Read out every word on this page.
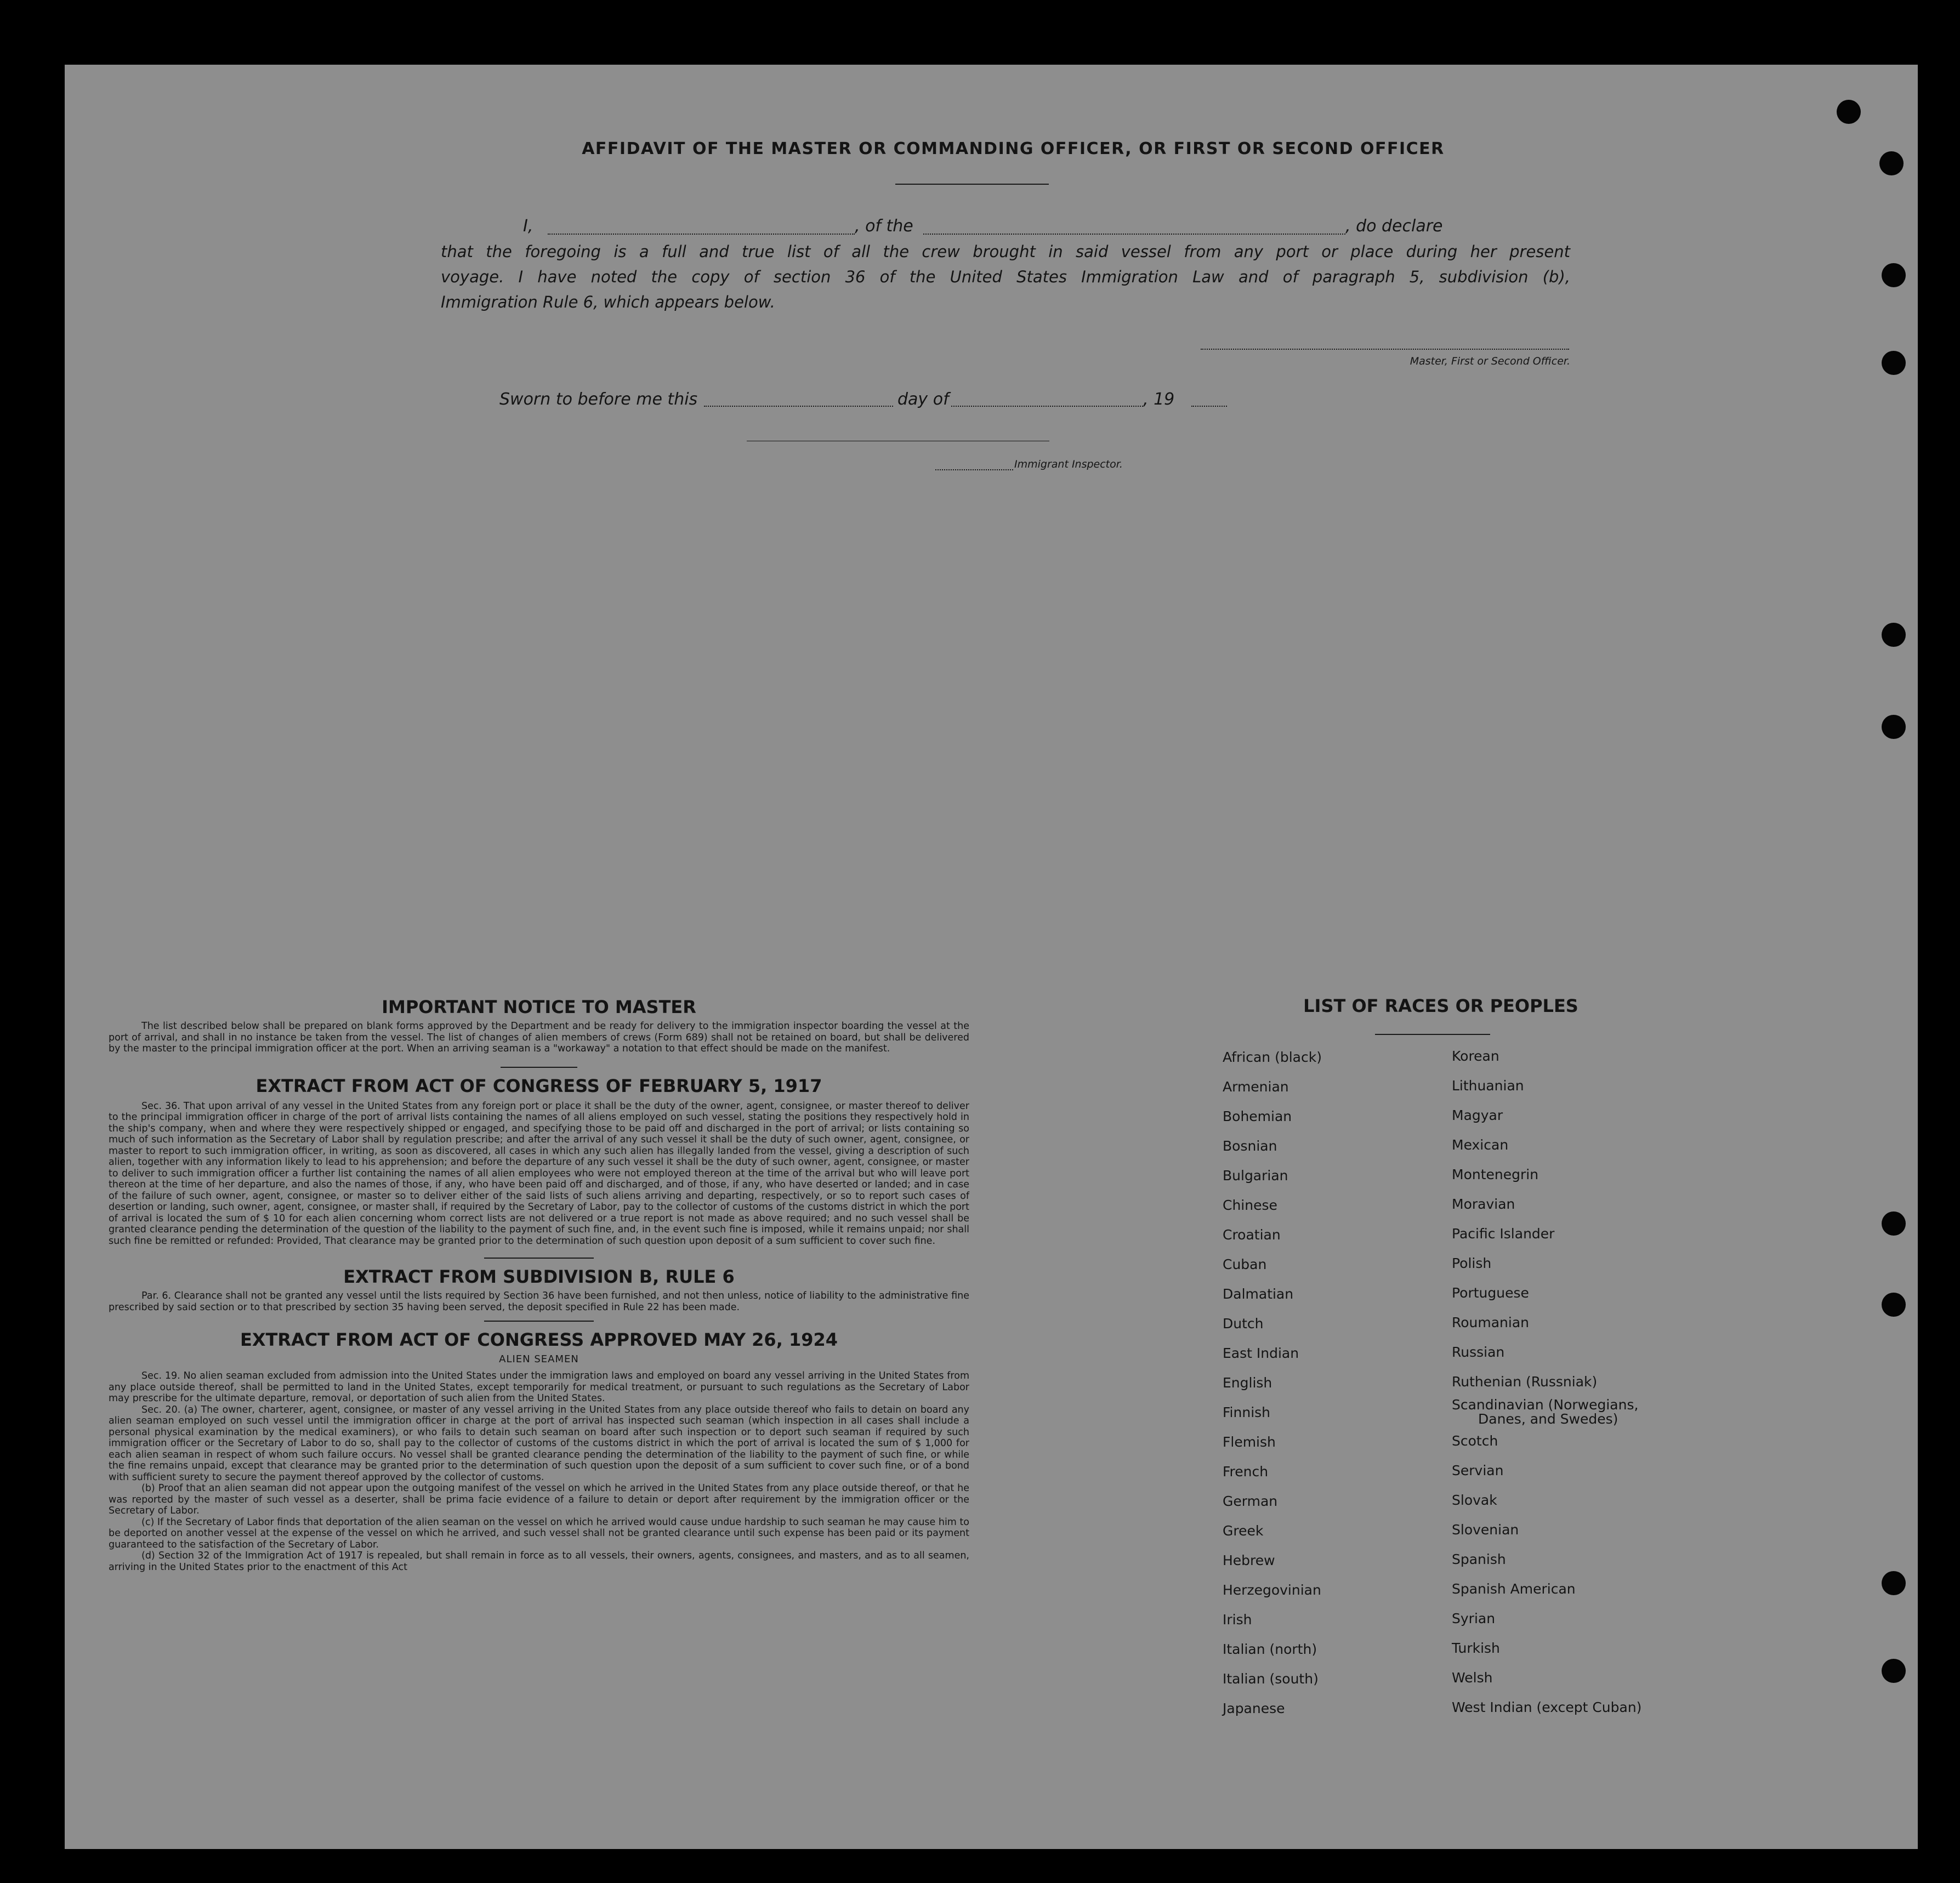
AFFIDAVIT OF THE MASTER OR COMMANDING OFFICER, OR FIRST OR SECOND OFFICER
I,	, of the	, do declare
that the foregoing is a full and true list of all the crew brought in said vessel from any port or place during her present
voyage. I have noted the copy of section 36 of the United States Immigration Law and of paragraph 5, subdivision (b),
Immigration Rule 6, which appears below.
Master, First or Second Officer.
Sworn to before me this	day of	, 19
Immigrant Inspector.
IMPORTANT NOTICE TO MASTER

The list described below shall be prepared on blank forms approved by the Department and be ready for delivery to the immigration inspector boarding the vessel at the port of arrival, and shall in no instance be taken from the vessel. The list of changes of alien members of crews (Form 689) shall not be retained on board, but shall be delivered by the master to the principal immigration officer at the port. When an arriving seaman is a "workaway" a notation to that effect should be made on the manifest.

EXTRACT FROM ACT OF CONGRESS OF FEBRUARY 5, 1917

Sec. 36. That upon arrival of any vessel in the United States from any foreign port or place it shall be the duty of the owner, agent, consignee, or master thereof to deliver to the principal immigration officer in charge of the port of arrival lists containing the names of all aliens employed on such vessel, stating the positions they respectively hold in the ship's company, when and where they were respectively shipped or engaged, and specifying those to be paid off and discharged in the port of arrival; or lists containing so much of such information as the Secretary of Labor shall by regulation prescribe; and after the arrival of any such vessel it shall be the duty of such owner, agent, consignee, or master to report to such immigration officer, in writing, as soon as discovered, all cases in which any such alien has illegally landed from the vessel, giving a description of such alien, together with any information likely to lead to his apprehension; and before the departure of any such vessel it shall be the duty of such owner, agent, consignee, or master to deliver to such immigration officer a further list containing the names of all alien employees who were not employed thereon at the time of the arrival but who will leave port thereon at the time of her departure, and also the names of those, if any, who have been paid off and discharged, and of those, if any, who have deserted or landed; and in case of the failure of such owner, agent, consignee, or master so to deliver either of the said lists of such aliens arriving and departing, respectively, or so to report such cases of desertion or landing, such owner, agent, consignee, or master shall, if required by the Secretary of Labor, pay to the collector of customs of the customs district in which the port of arrival is located the sum of $ 10 for each alien concerning whom correct lists are not delivered or a true report is not made as above required; and no such vessel shall be granted clearance pending the determination of the question of the liability to the payment of such fine, and, in the event such fine is imposed, while it remains unpaid; nor shall such fine be remitted or refunded: Provided, That clearance may be granted prior to the determination of such question upon deposit of a sum sufficient to cover such fine.

EXTRACT FROM SUBDIVISION B, RULE 6

Par. 6. Clearance shall not be granted any vessel until the lists required by Section 36 have been furnished, and not then unless, notice of liability to the administrative fine prescribed by said section or to that prescribed by section 35 having been served, the deposit specified in Rule 22 has been made.

EXTRACT FROM ACT OF CONGRESS APPROVED MAY 26, 1924
ALIEN SEAMEN

Sec. 19. No alien seaman excluded from admission into the United States under the immigration laws and employed on board any vessel arriving in the United States from any place outside thereof, shall be permitted to land in the United States, except temporarily for medical treatment, or pursuant to such regulations as the Secretary of Labor may prescribe for the ultimate departure, removal, or deportation of such alien from the United States.

Sec. 20. (a) The owner, charterer, agent, consignee, or master of any vessel arriving in the United States from any place outside thereof who fails to detain on board any alien seaman employed on such vessel until the immigration officer in charge at the port of arrival has inspected such seaman (which inspection in all cases shall include a personal physical examination by the medical examiners), or who fails to detain such seaman on board after such inspection or to deport such seaman if required by such immigration officer or the Secretary of Labor to do so, shall pay to the collector of customs of the customs district in which the port of arrival is located the sum of $ 1,000 for each alien seaman in respect of whom such failure occurs. No vessel shall be granted clearance pending the determination of the liability to the payment of such fine, or while the fine remains unpaid, except that clearance may be granted prior to the determination of such question upon the deposit of a sum sufficient to cover such fine, or of a bond with sufficient surety to secure the payment thereof approved by the collector of customs.

(b) Proof that an alien seaman did not appear upon the outgoing manifest of the vessel on which he arrived in the United States from any place outside thereof, or that he was reported by the master of such vessel as a deserter, shall be prima facie evidence of a failure to detain or deport after requirement by the immigration officer or the Secretary of Labor.

(c) If the Secretary of Labor finds that deportation of the alien seaman on the vessel on which he arrived would cause undue hardship to such seaman he may cause him to be deported on another vessel at the expense of the vessel on which he arrived, and such vessel shall not be granted clearance until such expense has been paid or its payment guaranteed to the satisfaction of the Secretary of Labor.

(d) Section 32 of the Immigration Act of 1917 is repealed, but shall remain in force as to all vessels, their owners, agents, consignees, and masters, and as to all seamen, arriving in the United States prior to the enactment of this Act

LIST OF RACES OR PEOPLES
African (black)
Armenian
Bohemian
Bosnian
Bulgarian
Chinese
Croatian
Cuban
Dalmatian
Dutch
East Indian
English
Finnish
Flemish
French
German
Greek
Hebrew
Herzegovinian
Irish
Italian (north)
Italian (south)
Japanese
Korean
Lithuanian
Magyar
Mexican
Montenegrin
Moravian
Pacific Islander
Polish
Portuguese
Roumanian
Russian
Ruthenian (Russniak)
Scandinavian (Norwegians,
Danes, and Swedes)
Scotch
Servian
Slovak
Slovenian
Spanish
Spanish American
Syrian
Turkish
Welsh
West Indian (except Cuban)
